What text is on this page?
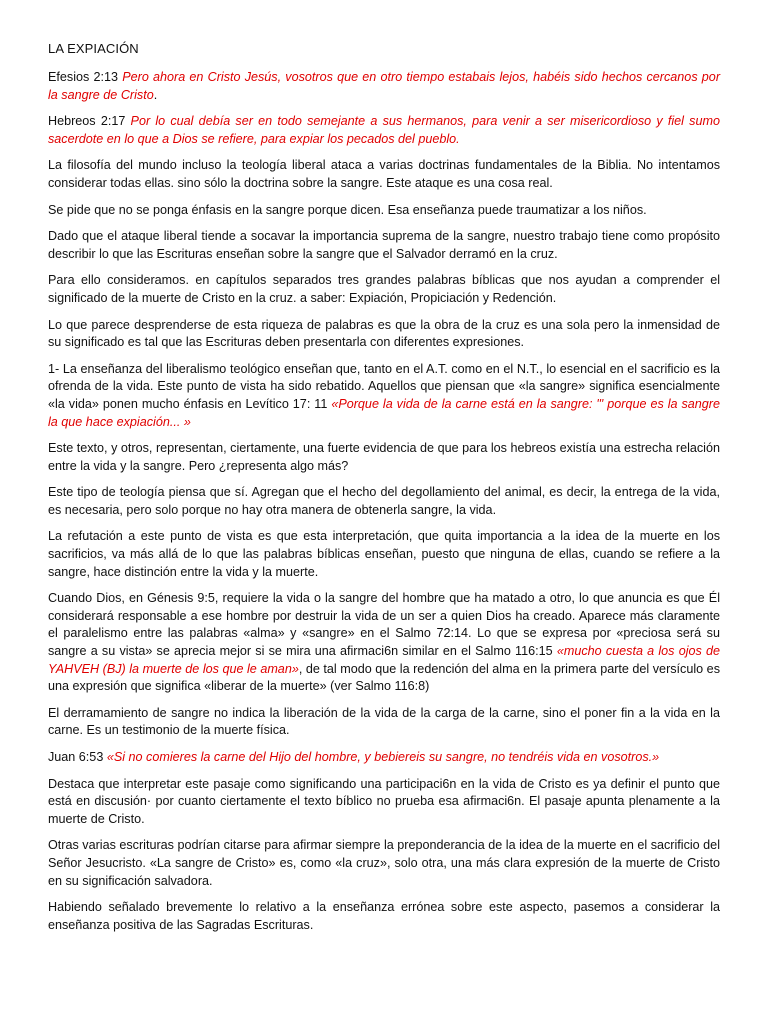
LA EXPIACIÓN

Efesios 2:13 Pero ahora en Cristo Jesús, vosotros que en otro tiempo estabais lejos, habéis sido hechos cercanos por la sangre de Cristo.

Hebreos 2:17 Por lo cual debía ser en todo semejante a sus hermanos, para venir a ser misericordioso y fiel sumo sacerdote en lo que a Dios se refiere, para expiar los pecados del pueblo.

La filosofía del mundo incluso la teología liberal ataca a varias doctrinas fundamentales de la Biblia. No intentamos considerar todas ellas. sino sólo la doctrina sobre la sangre. Este ataque es una cosa real.

Se pide que no se ponga énfasis en la sangre porque dicen. Esa enseñanza puede traumatizar a los niños.

Dado que el ataque liberal tiende a socavar la importancia suprema de la sangre, nuestro trabajo tiene como propósito describir lo que las Escrituras enseñan sobre la sangre que el Salvador derramó en la cruz.

Para ello consideramos. en capítulos separados tres grandes palabras bíblicas que nos ayudan a comprender el significado de la muerte de Cristo en la cruz. a saber: Expiación, Propiciación y Redención.

Lo que parece desprenderse de esta riqueza de palabras es que la obra de la cruz es una sola pero la inmensidad de su significado es tal que las Escrituras deben presentarla con diferentes expresiones.

1- La enseñanza del liberalismo teológico enseñan que, tanto en el A.T. como en el N.T., lo esencial en el sacrificio es la ofrenda de la vida. Este punto de vista ha sido rebatido. Aquellos que piensan que «la sangre» significa esencialmente «la vida» ponen mucho énfasis en Levítico 17: 11 «Porque la vida de la carne está en la sangre: "' porque es la sangre la que hace expiación... »

Este texto, y otros, representan, ciertamente, una fuerte evidencia de que para los hebreos existía una estrecha relación entre la vida y la sangre. Pero ¿representa algo más?

Este tipo de teología piensa que sí. Agregan que el hecho del degollamiento del animal, es decir, la entrega de la vida, es necesaria, pero solo porque no hay otra manera de obtenerla sangre, la vida.

La refutación a este punto de vista es que esta interpretación, que quita importancia a la idea de la muerte en los sacrificios, va más allá de lo que las palabras bíblicas enseñan, puesto que ninguna de ellas, cuando se refiere a la sangre, hace distinción entre la vida y la muerte.

Cuando Dios, en Génesis 9:5, requiere la vida o la sangre del hombre que ha matado a otro, lo que anuncia es que Él considerará responsable a ese hombre por destruir la vida de un ser a quien Dios ha creado. Aparece más claramente el paralelismo entre las palabras «alma» y «sangre» en el Salmo 72:14. Lo que se expresa por «preciosa será su sangre a su vista» se aprecia mejor si se mira una afirmaci6n similar en el Salmo 116:15 «mucho cuesta a los ojos de YAHVEH (BJ) la muerte de los que le aman», de tal modo que la redención del alma en la primera parte del versículo es una expresión que significa «liberar de la muerte» (ver Salmo 116:8)

El derramamiento de sangre no indica la liberación de la vida de la carga de la carne, sino el poner fin a la vida en la carne. Es un testimonio de la muerte física.

Juan 6:53 «Si no comieres la carne del Hijo del hombre, y bebiereis su sangre, no tendréis vida en vosotros.»

Destaca que interpretar este pasaje como significando una participaci6n en la vida de Cristo es ya definir el punto que está en discusión· por cuanto ciertamente el texto bíblico no prueba esa afirmaci6n. El pasaje apunta plenamente a la muerte de Cristo.

Otras varias escrituras podrían citarse para afirmar siempre la preponderancia de la idea de la muerte en el sacrificio del Señor Jesucristo. «La sangre de Cristo» es, como «la cruz», solo otra, una más clara expresión de la muerte de Cristo en su significación salvadora.

Habiendo señalado brevemente lo relativo a la enseñanza errónea sobre este aspecto, pasemos a considerar la enseñanza positiva de las Sagradas Escrituras.
